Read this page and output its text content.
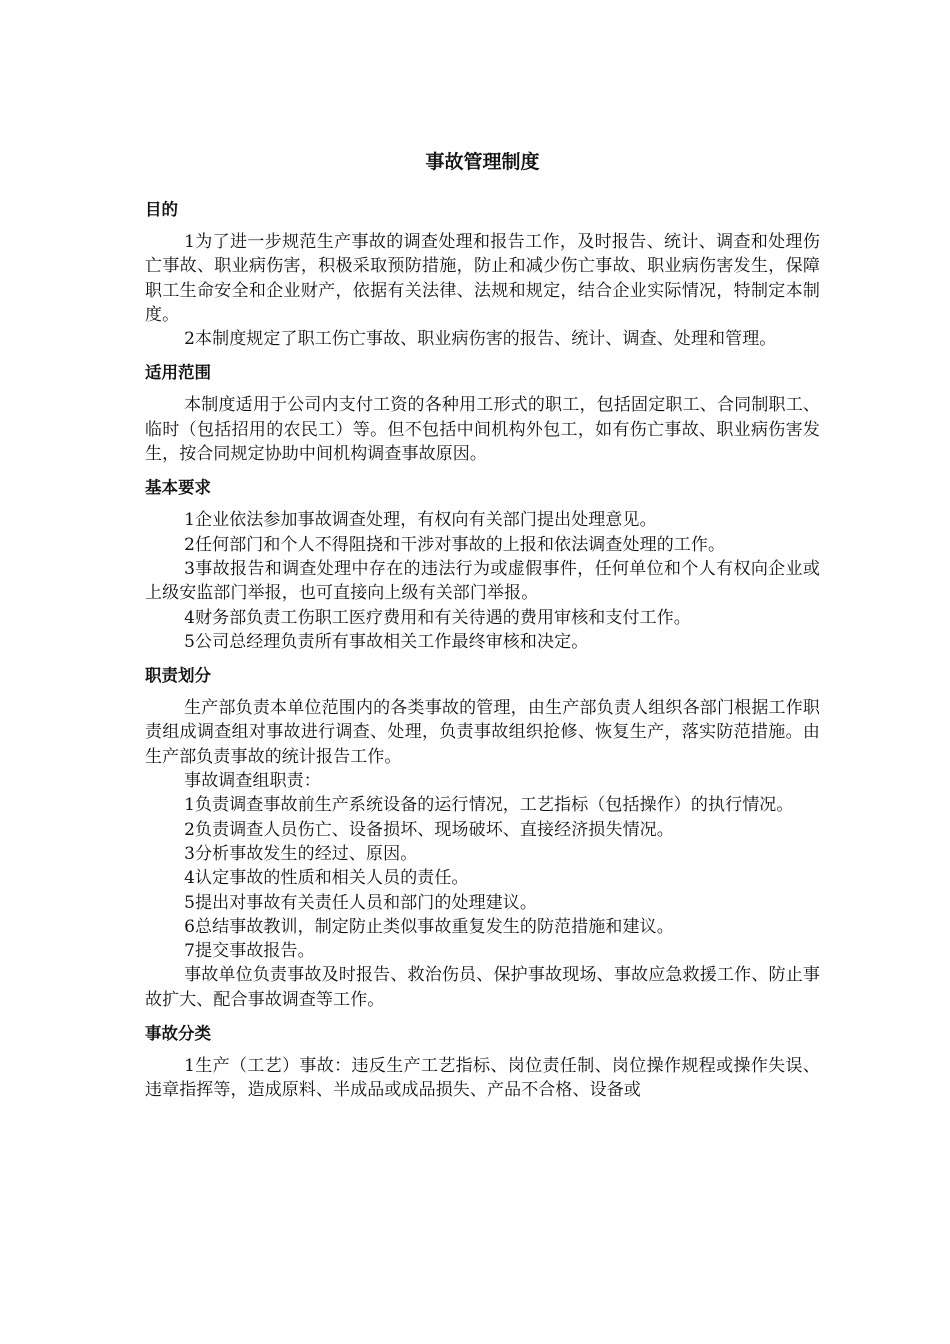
事故管理制度
目的

1为了进一步规范生产事故的调查处理和报告工作，及时报告、统计、调查和处理伤亡事故、职业病伤害，积极采取预防措施，防止和减少伤亡事故、职业病伤害发生，保障职工生命安全和企业财产，依据有关法律、法规和规定，结合企业实际情况，特制定本制度。

2本制度规定了职工伤亡事故、职业病伤害的报告、统计、调查、处理和管理。

适用范围

本制度适用于公司内支付工资的各种用工形式的职工，包括固定职工、合同制职工、临时（包括招用的农民工）等。但不包括中间机构外包工，如有伤亡事故、职业病伤害发生，按合同规定协助中间机构调查事故原因。

基本要求

1企业依法参加事故调查处理，有权向有关部门提出处理意见。

2任何部门和个人不得阻挠和干涉对事故的上报和依法调查处理的工作。

3事故报告和调查处理中存在的违法行为或虚假事件，任何单位和个人有权向企业或上级安监部门举报，也可直接向上级有关部门举报。

4财务部负责工伤职工医疗费用和有关待遇的费用审核和支付工作。

5公司总经理负责所有事故相关工作最终审核和决定。

职责划分

生产部负责本单位范围内的各类事故的管理，由生产部负责人组织各部门根据工作职责组成调查组对事故进行调查、处理，负责事故组织抢修、恢复生产，落实防范措施。由生产部负责事故的统计报告工作。

事故调查组职责：

1负责调查事故前生产系统设备的运行情况，工艺指标（包括操作）的执行情况。

2负责调查人员伤亡、设备损坏、现场破坏、直接经济损失情况。

3分析事故发生的经过、原因。

4认定事故的性质和相关人员的责任。

5提出对事故有关责任人员和部门的处理建议。

6总结事故教训，制定防止类似事故重复发生的防范措施和建议。

7提交事故报告。

事故单位负责事故及时报告、救治伤员、保护事故现场、事故应急救援工作、防止事故扩大、配合事故调查等工作。

事故分类

1生产（工艺）事故：违反生产工艺指标、岗位责任制、岗位操作规程或操作失误、违章指挥等，造成原料、半成品或成品损失、产品不合格、设备或
